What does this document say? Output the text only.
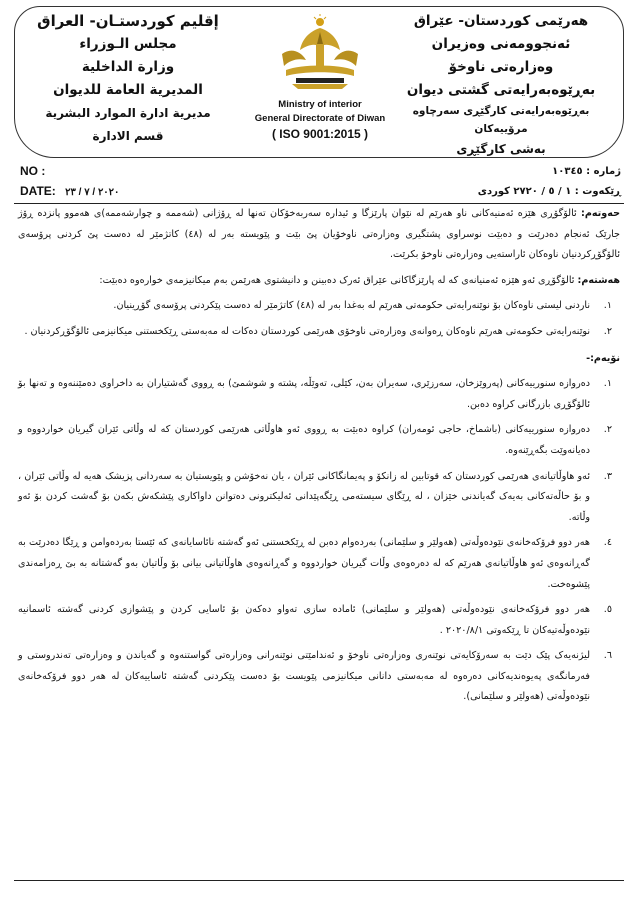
إقليم كوردستـان- العراق
مجلس الـوزراء
وزارة الداخلية
المديرية العامة للديوان
مديرية ادارة الموارد البشرية
قسم الادارة
هەرێمی کوردستان- عێراق
ئەنجوومەنی وەزیران
وەزارەتی ناوخۆ
بەڕێوەبەرایەتی گشتی دیوان
بەڕێوەبەرایەتی کارگێڕی سەرچاوە مرۆییەکان
بەشی کارگێڕی
Ministry of interior
General Directorate of Diwan
( ISO 9001:2015 )
NO :
DATE: ٢٠٢٠ / ٧ / ٢٣
ژمارە : ١٠٣٤٥
ڕێکەوت : ١ / ٥ / ٢٧٢٠ کوردی

حەوتەم: ئالۆگۆڕی هێزە ئەمنیەکانی ناو هەرێم لە نێوان پارێزگا و ئیدارە سەربەخۆکان تەنها لە ڕۆژانی (شەممە و چوارشەممە)ی هەموو پانزدە ڕۆژ جارێک ئەنجام دەدرێت و دەبێت نوسراوی پشتگیری وەزارەتی ناوخۆیان پێ بێت و پێویستە بەر لە (٤٨) کاتژمێر لە دەست پێ کردنی پرۆسەی ئالۆگۆڕکردنیان ناوەکان ئاراستەیی وەزارەتی ناوخۆ بکرێت.

هەشتەم: ئالۆگۆڕی ئەو هێزە ئەمنیانەی کە لە پارێزگاکانی عێراق ئەرک دەبینن و دانیشتوی هەرێمن بەم میکانیزمەی خوارەوە دەبێت:

١.
ناردنی لیستی ناوەکان بۆ نوێنەرایەتی حکومەتی هەرێم لە بەغدا بەر لە (٤٨) کاتژمێر لە دەست پێکردنی پرۆسەی گۆڕینیان.
٢.
نوێنەرایەتی حکومەتی هەرێم ناوەکان ڕەوانەی وەزارەتی ناوخۆی هەرێمی کوردستان دەکات لە مەبەستی ڕێکخستنی میکانیزمی ئالۆگۆڕکردنیان .
نۆیەم:-
١.
دەروازە سنورییەکانی (پەروێزخان، سەرزێری، سەیران بەن، کێلی، تەوێڵە، پشتە و شوشمێ) بە ڕووی گەشتیاران بە داخراوی دەمێننەوە و تەنها بۆ ئالۆگۆڕی بازرگانی کراوە دەبن.
٢.
دەروازە سنورییەکانی (باشماخ، حاجی ئومەران) کراوە دەبێت بە ڕووی ئەو هاوڵاتی هەرێمی کوردستان کە لە وڵاتی ئێران گیریان خواردووە و دەیانەوێت بگەڕێنەوە.
٣.
ئەو هاوڵاتیانەی هەرێمی کوردستان کە قوتابین لە زانکۆ و پەیمانگاکانی ئێران ، یان نەخۆشن و پێویستیان بە سەردانی پزیشک هەیە لە وڵاتی ئێران ، و بۆ حاڵەتەکانی بەیەک گەیاندنی خێزان ، لە ڕێگای سیستەمی ڕێگەپێدانی ئەلیکترونی دەتوانن داواکاری پێشکەش بکەن بۆ گەشت کردن بۆ ئەو وڵاتە.
٤.
هەر دوو فرۆکەخانەی نێودەوڵەتی (هەولێر و سلێمانی) بەردەوام دەبن لە ڕێکخستنی ئەو گەشتە نائاسایانەی کە ئێستا بەردەوامن و ڕێگا دەدرێت بە گەڕانەوەی ئەو هاوڵاتیانەی هەرێم کە لە دەرەوەی وڵات گیریان خواردووە و گەڕانەوەی هاوڵاتیانی بیانی بۆ وڵاتیان بەو گەشتانە بە بێ ڕەزامەندی پێشوەخت.
٥.
هەر دوو فرۆکەخانەی نێودەوڵەتی (هەولێر و سلێمانی) ئامادە سازی تەواو دەکەن بۆ ئاسایی کردن و پێشوازی کردنی گەشتە ئاسمانیە نێودەوڵەتیەکان تا ڕێکەوتی ٢٠٢٠/٨/١ .
٦.
لیژنەیەک پێک دێت بە سەرۆکایەتی نوێنەری وەزارەتی ناوخۆ و ئەندامێتی نوێنەرانی وەزارەتی گواستنەوە و گەیاندن و وەزارەتی تەندروستی و فەرمانگەی پەیوەندیەکانی دەرەوە لە مەبەستی دانانی میکانیزمی پێویست بۆ دەست پێکردنی گەشتە ئاساییەکان لە هەر دوو فرۆکەخانەی نێودەوڵەتی (هەولێر و سلێمانی).
